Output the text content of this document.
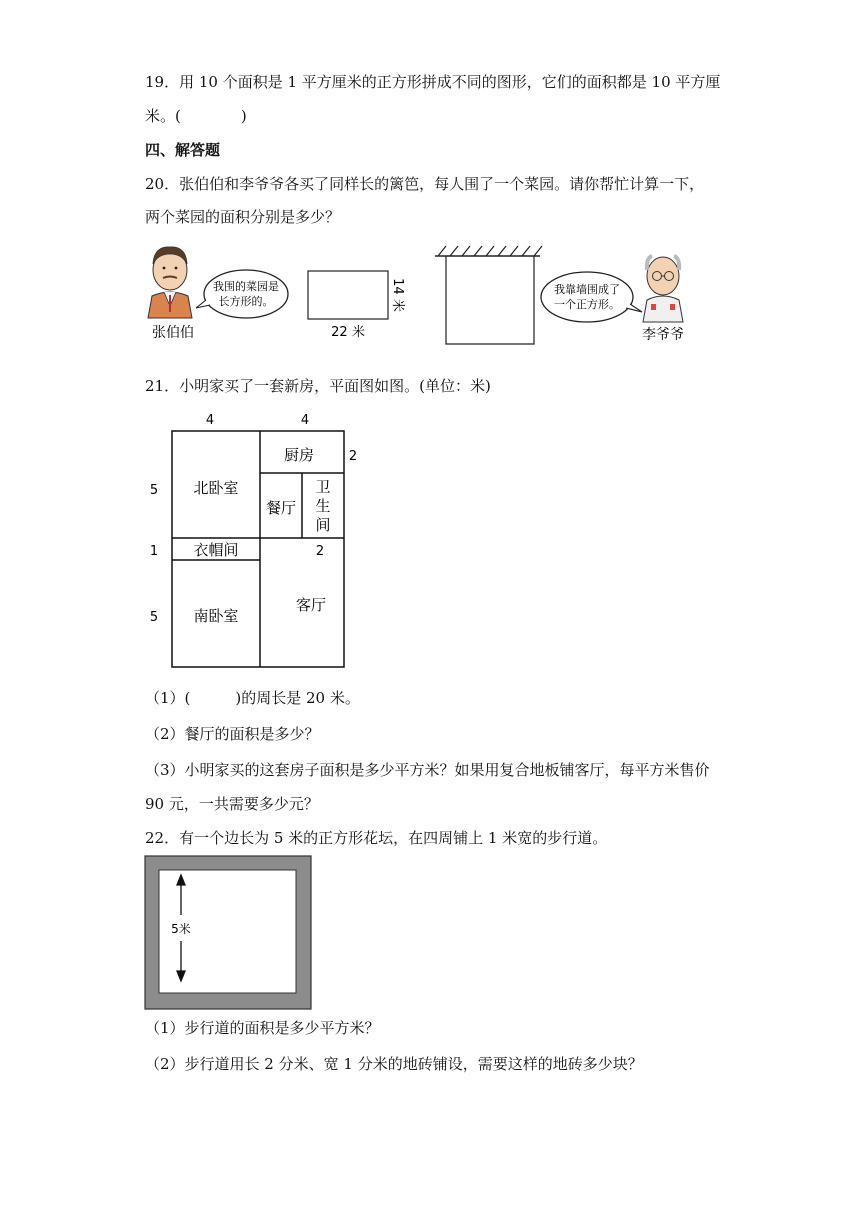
19．用 10 个面积是 1 平方厘米的正方形拼成不同的图形，它们的面积都是 10 平方厘
米。(　　　　)
四、解答题
20．张伯伯和李爷爷各买了同样长的篱笆，每人围了一个菜园。请你帮忙计算一下，
两个菜园的面积分别是多少？
张伯伯
我围的菜园是
长方形的。
22 米
14 米	我靠墙围成了
一个正方形。
李爷爷
21．小明家买了一套新房，平面图如图。(单位：米)
4	4
5
1
5
2
2
北卧室
厨房
餐厅
卫
生
间
衣帽间
南卧室
客厅
（1）(　　　)的周长是 20 米。
（2）餐厅的面积是多少？
（3）小明家买的这套房子面积是多少平方米？如果用复合地板铺客厅，每平方米售价
90 元，一共需要多少元？
22．有一个边长为 5 米的正方形花坛，在四周铺上 1 米宽的步行道。
5米
（1）步行道的面积是多少平方米？
（2）步行道用长 2 分米、宽 1 分米的地砖铺设，需要这样的地砖多少块？
